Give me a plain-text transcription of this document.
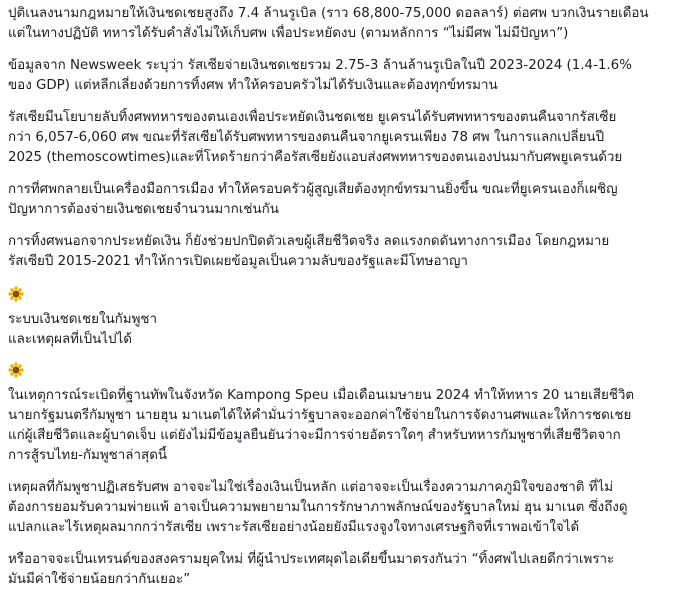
ปุติเนลงนามกฎหมายให้เงินชดเชยสูงถึง 7.4 ล้านรูเบิล (ราว 68,800-75,000 ดอลลาร์) ต่อศพ บวกเงินรายเดือน
แต่ในทางปฏิบัติ ทหารได้รับคำสั่งไม่ให้เก็บศพ เพื่อประหยัดงบ (ตามหลักการ “ไม่มีศพ ไม่มีปัญหา”)

ข้อมูลจาก Newsweek ระบุว่า รัสเซียจ่ายเงินชดเชยรวม 2.75-3 ล้านล้านรูเบิลในปี 2023-2024 (1.4-1.6%
ของ GDP) แต่หลีกเลี่ยงด้วยการทิ้งศพ ทำให้ครอบครัวไม่ได้รับเงินและต้องทุกข์ทรมาน

รัสเซียมีนโยบายลับทิ้งศพทหารของตนเองเพื่อประหยัดเงินชดเชย ยูเครนได้รับศพทหารของตนคืนจากรัสเซีย
กว่า 6,057-6,060 ศพ ขณะที่รัสเซียได้รับศพทหารของตนคืนจากยูเครนเพียง 78 ศพ ในการแลกเปลี่ยนปี
2025 (themoscowtimes)และที่โหดร้ายกว่าคือรัสเซียยังแอบส่งศพทหารของตนเองปนมากับศพยูเครนด้วย

การที่ศพกลายเป็นเครื่องมือการเมือง ทำให้ครอบครัวผู้สูญเสียต้องทุกข์ทรมานยิ่งขึ้น ขณะที่ยูเครนเองก็เผชิญ
ปัญหาการต้องจ่ายเงินชดเชยจำนวนมากเช่นกัน

การทิ้งศพนอกจากประหยัดเงิน ก็ยังช่วยปกปิดตัวเลขผู้เสียชีวิตจริง ลดแรงกดดันทางการเมือง โดยกฎหมาย
รัสเซียปี 2015-2021 ทำให้การเปิดเผยข้อมูลเป็นความลับของรัฐและมีโทษอาญา

ระบบเงินชดเชยในกัมพูชา
และเหตุผลที่เป็นไปได้

ในเหตุการณ์ระเบิดที่ฐานทัพในจังหวัด Kampong Speu เมื่อเดือนเมษายน 2024 ทำให้ทหาร 20 นายเสียชีวิต
นายกรัฐมนตรีกัมพูชา นายฮุน มาเนตได้ให้คำมั่นว่ารัฐบาลจะออกค่าใช้จ่ายในการจัดงานศพและให้การชดเชย
แก่ผู้เสียชีวิตและผู้บาดเจ็บ แต่ยังไม่มีข้อมูลยืนยันว่าจะมีการจ่ายอัตราใดๆ สำหรับทหารกัมพูชาที่เสียชีวิตจาก
การสู้รบไทย-กัมพูชาล่าสุดนี้

เหตุผลที่กัมพูชาปฏิเสธรับศพ อาจจะไม่ใช่เรื่องเงินเป็นหลัก แต่อาจจะเป็นเรื่องความภาคภูมิใจของชาติ ที่ไม่
ต้องการยอมรับความพ่ายแพ้ อาจเป็นความพยายามในการรักษาภาพลักษณ์ของรัฐบาลใหม่ ฮุน มาเนต ซึ่งถึงดู
แปลกและไร้เหตุผลมากกว่ารัสเซีย เพราะรัสเซียอย่างน้อยยังมีแรงจูงใจทางเศรษฐกิจที่เราพอเข้าใจได้

หรืออาจจะเป็นเทรนด์ของสงครามยุคใหม่ ที่ผู้นำประเทศผุดไอเดียขึ้นมาตรงกันว่า “ทิ้งศพไปเลยดีกว่าเพราะ
มันมีค่าใช้จ่ายน้อยกว่ากันเยอะ”
